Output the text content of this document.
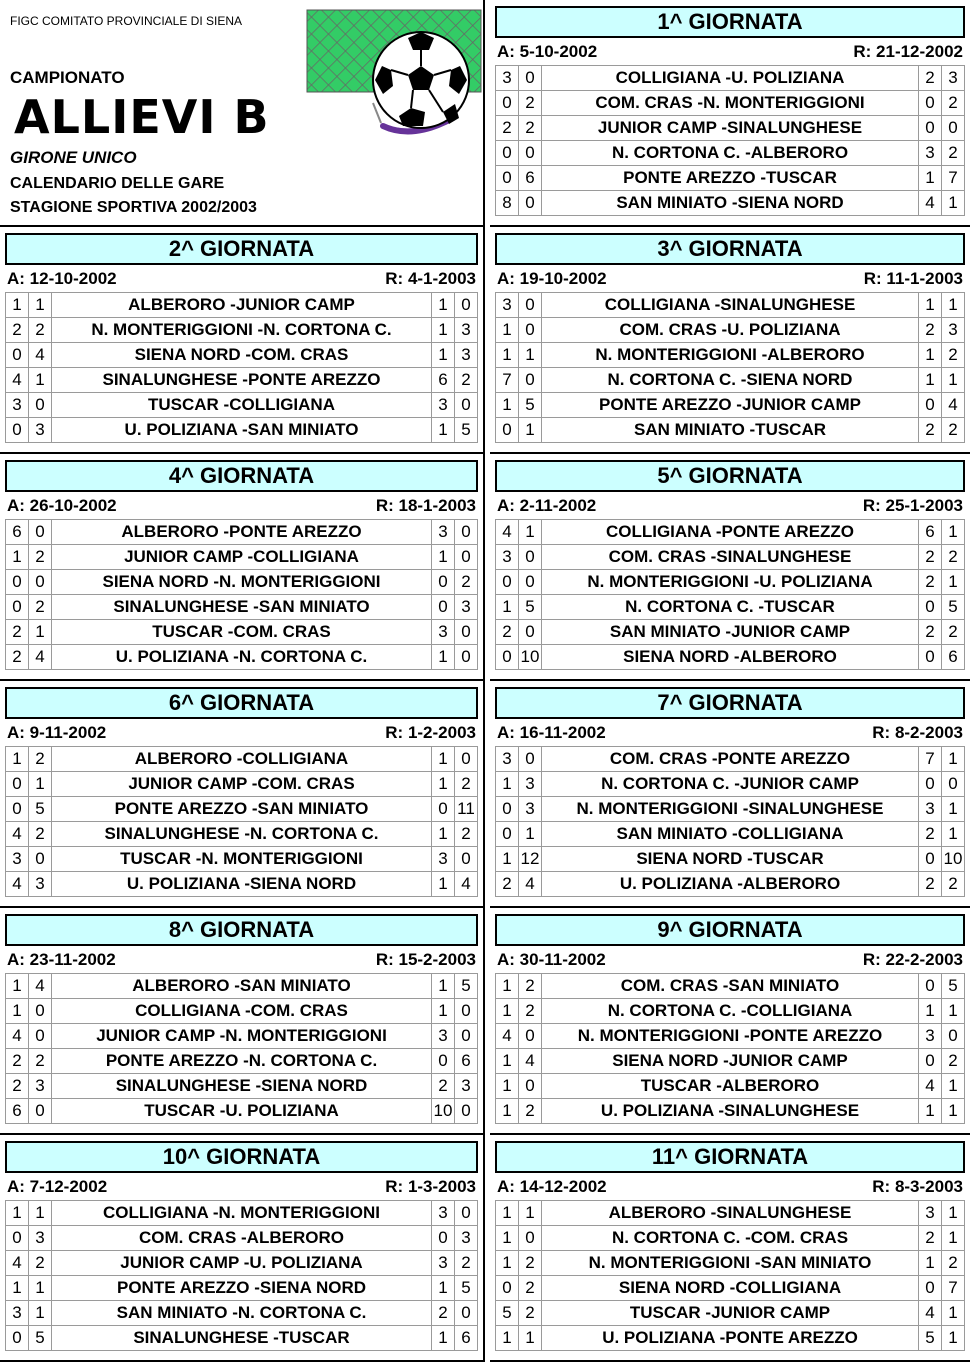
FIGC COMITATO PROVINCIALE DI SIENA
CAMPIONATO
ALLIEVI B
GIRONE UNICO
CALENDARIO DELLE GARE
STAGIONE SPORTIVA 2002/2003
1^ GIORNATA
A: 5-10-2002	R: 21-12-2002
3	0	COLLIGIANA -U. POLIZIANA	2	3
0	2	COM. CRAS -N. MONTERIGGIONI	0	2
2	2	JUNIOR CAMP -SINALUNGHESE	0	0
0	0	N. CORTONA C. -ALBERORO	3	2
0	6	PONTE AREZZO -TUSCAR	1	7
8	0	SAN MINIATO -SIENA NORD	4	1
2^ GIORNATA
A: 12-10-2002	R: 4-1-2003
1	1	ALBERORO -JUNIOR CAMP	1	0
2	2	N. MONTERIGGIONI -N. CORTONA C.	1	3
0	4	SIENA NORD -COM. CRAS	1	3
4	1	SINALUNGHESE -PONTE AREZZO	6	2
3	0	TUSCAR -COLLIGIANA	3	0
0	3	U. POLIZIANA -SAN MINIATO	1	5
3^ GIORNATA
A: 19-10-2002	R: 11-1-2003
3	0	COLLIGIANA -SINALUNGHESE	1	1
1	0	COM. CRAS -U. POLIZIANA	2	3
1	1	N. MONTERIGGIONI -ALBERORO	1	2
7	0	N. CORTONA C. -SIENA NORD	1	1
1	5	PONTE AREZZO -JUNIOR CAMP	0	4
0	1	SAN MINIATO -TUSCAR	2	2
4^ GIORNATA
A: 26-10-2002	R: 18-1-2003
6	0	ALBERORO -PONTE AREZZO	3	0
1	2	JUNIOR CAMP -COLLIGIANA	1	0
0	0	SIENA NORD -N. MONTERIGGIONI	0	2
0	2	SINALUNGHESE -SAN MINIATO	0	3
2	1	TUSCAR -COM. CRAS	3	0
2	4	U. POLIZIANA -N. CORTONA C.	1	0
5^ GIORNATA
A: 2-11-2002	R: 25-1-2003
4	1	COLLIGIANA -PONTE AREZZO	6	1
3	0	COM. CRAS -SINALUNGHESE	2	2
0	0	N. MONTERIGGIONI -U. POLIZIANA	2	1
1	5	N. CORTONA C. -TUSCAR	0	5
2	0	SAN MINIATO -JUNIOR CAMP	2	2
0	10	SIENA NORD -ALBERORO	0	6
6^ GIORNATA
A: 9-11-2002	R: 1-2-2003
1	2	ALBERORO -COLLIGIANA	1	0
0	1	JUNIOR CAMP -COM. CRAS	1	2
0	5	PONTE AREZZO -SAN MINIATO	0	11
4	2	SINALUNGHESE -N. CORTONA C.	1	2
3	0	TUSCAR -N. MONTERIGGIONI	3	0
4	3	U. POLIZIANA -SIENA NORD	1	4
7^ GIORNATA
A: 16-11-2002	R: 8-2-2003
3	0	COM. CRAS -PONTE AREZZO	7	1
1	3	N. CORTONA C. -JUNIOR CAMP	0	0
0	3	N. MONTERIGGIONI -SINALUNGHESE	3	1
0	1	SAN MINIATO -COLLIGIANA	2	1
1	12	SIENA NORD -TUSCAR	0	10
2	4	U. POLIZIANA -ALBERORO	2	2
8^ GIORNATA
A: 23-11-2002	R: 15-2-2003
1	4	ALBERORO -SAN MINIATO	1	5
1	0	COLLIGIANA -COM. CRAS	1	0
4	0	JUNIOR CAMP -N. MONTERIGGIONI	3	0
2	2	PONTE AREZZO -N. CORTONA C.	0	6
2	3	SINALUNGHESE -SIENA NORD	2	3
6	0	TUSCAR -U. POLIZIANA	10	0
9^ GIORNATA
A: 30-11-2002	R: 22-2-2003
1	2	COM. CRAS -SAN MINIATO	0	5
1	2	N. CORTONA C. -COLLIGIANA	1	1
4	0	N. MONTERIGGIONI -PONTE AREZZO	3	0
1	4	SIENA NORD -JUNIOR CAMP	0	2
1	0	TUSCAR -ALBERORO	4	1
1	2	U. POLIZIANA -SINALUNGHESE	1	1
10^ GIORNATA
A: 7-12-2002	R: 1-3-2003
1	1	COLLIGIANA -N. MONTERIGGIONI	3	0
0	3	COM. CRAS -ALBERORO	0	3
4	2	JUNIOR CAMP -U. POLIZIANA	3	2
1	1	PONTE AREZZO -SIENA NORD	1	5
3	1	SAN MINIATO -N. CORTONA C.	2	0
0	5	SINALUNGHESE -TUSCAR	1	6
11^ GIORNATA
A: 14-12-2002	R: 8-3-2003
1	1	ALBERORO -SINALUNGHESE	3	1
1	0	N. CORTONA C. -COM. CRAS	2	1
1	2	N. MONTERIGGIONI -SAN MINIATO	1	2
0	2	SIENA NORD -COLLIGIANA	0	7
5	2	TUSCAR -JUNIOR CAMP	4	1
1	1	U. POLIZIANA -PONTE AREZZO	5	1
